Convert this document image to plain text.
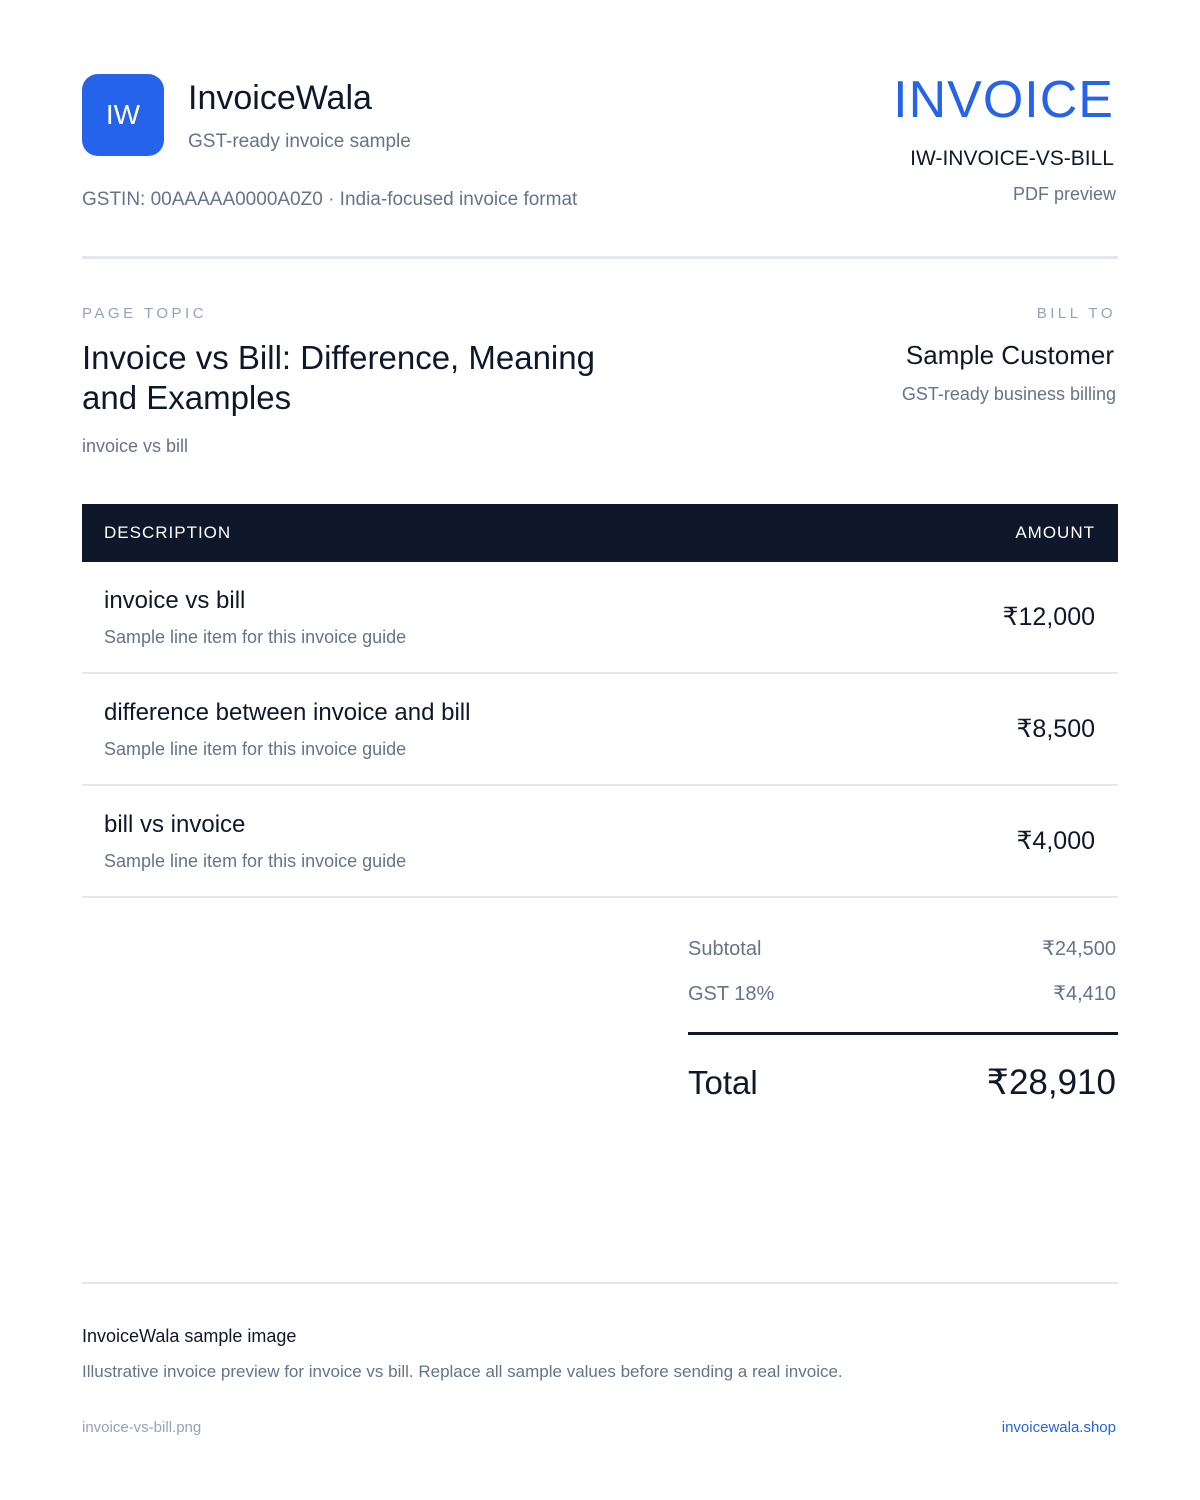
IW InvoiceWala
GST-ready invoice sample
GSTIN: 00AAAAA0000A0Z0 · India-focused invoice format
INVOICE
IW-INVOICE-VS-BILL
PDF preview
PAGE TOPIC
Invoice vs Bill: Difference, Meaning and Examples
invoice vs bill
BILL TO
Sample Customer
GST-ready business billing
DESCRIPTION	AMOUNT
invoice vs bill
Sample line item for this invoice guide
₹12,000
difference between invoice and bill
Sample line item for this invoice guide
₹8,500
bill vs invoice
Sample line item for this invoice guide
₹4,000
Subtotal	₹24,500
GST 18%	₹4,410
Total	₹28,910
InvoiceWala sample image
Illustrative invoice preview for invoice vs bill. Replace all sample values before sending a real invoice.
invoice-vs-bill.png	invoicewala.shop
